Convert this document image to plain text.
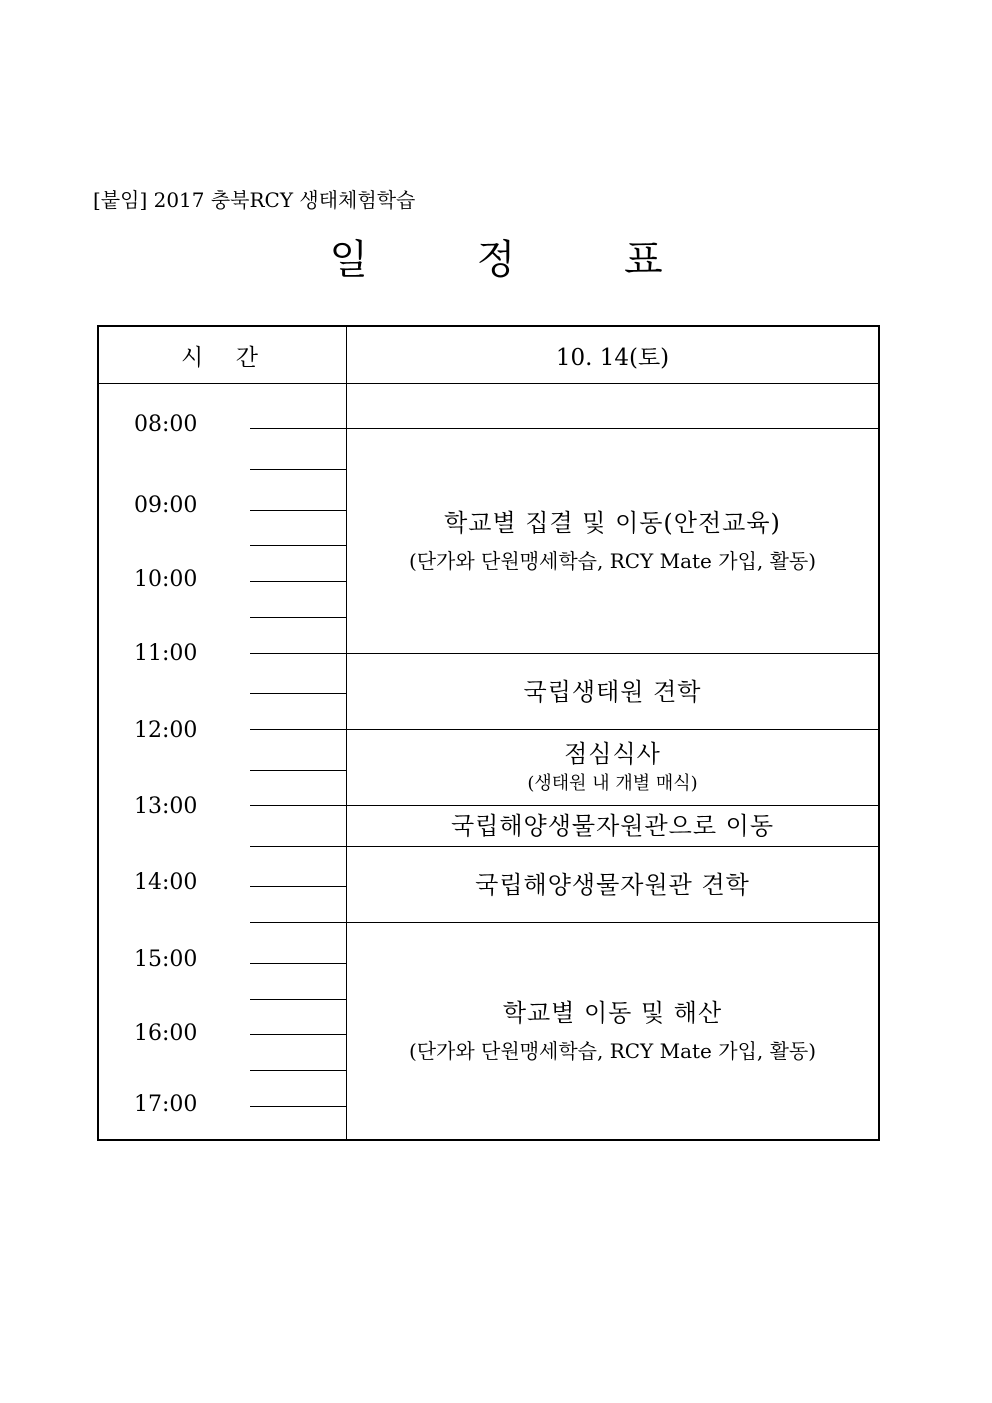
[붙임] 2017 충북RCY 생태체험학습
일 정 표
시  간	10. 14(토)
08:00
09:00
10:00
11:00
12:00
13:00
14:00
15:00
16:00
17:00
학교별 집결 및 이동(안전교육)
(단가와 단원맹세학습, RCY Mate 가입, 활동)
국립생태원 견학
점심식사
(생태원 내 개별 매식)
국립해양생물자원관으로 이동
국립해양생물자원관 견학
학교별 이동 및 해산
(단가와 단원맹세학습, RCY Mate 가입, 활동)
